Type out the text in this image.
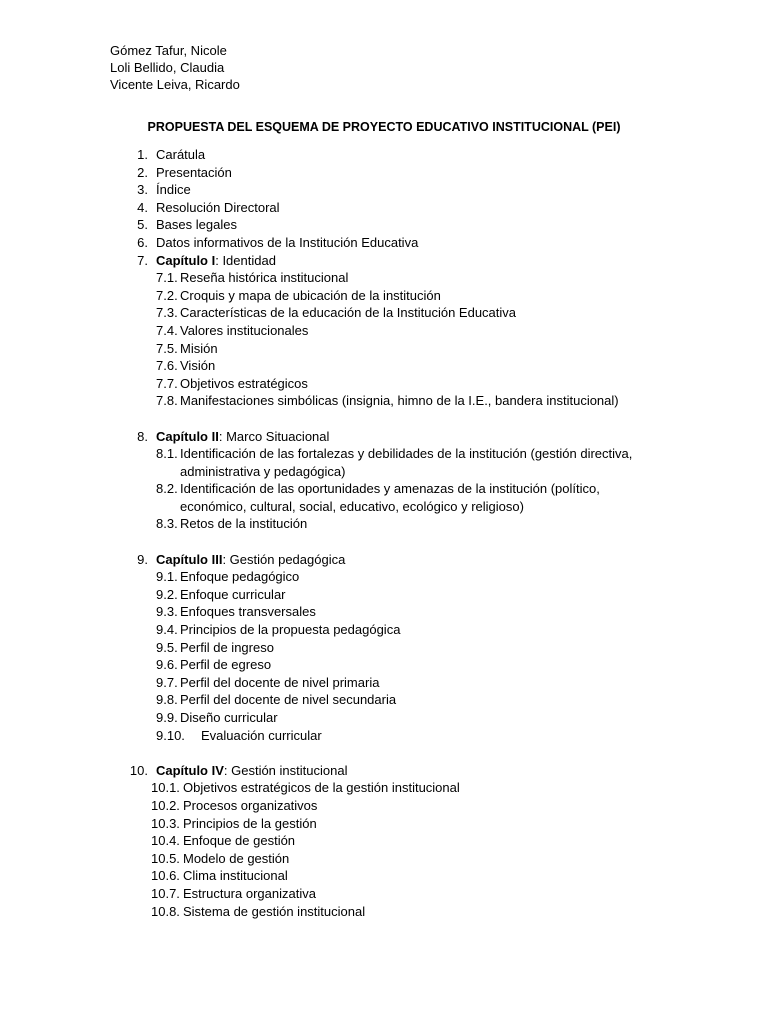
Gómez Tafur, Nicole
Loli Bellido, Claudia
Vicente Leiva, Ricardo
PROPUESTA DEL ESQUEMA DE PROYECTO EDUCATIVO INSTITUCIONAL (PEI)
1. Carátula
2. Presentación
3. Índice
4. Resolución Directoral
5. Bases legales
6. Datos informativos de la Institución Educativa
7. Capítulo I: Identidad
7.1. Reseña histórica institucional
7.2. Croquis y mapa de ubicación de la institución
7.3. Características de la educación de la Institución Educativa
7.4. Valores institucionales
7.5. Misión
7.6. Visión
7.7. Objetivos estratégicos
7.8. Manifestaciones simbólicas (insignia, himno de la I.E., bandera institucional)
8. Capítulo II: Marco Situacional
8.1. Identificación de las fortalezas y debilidades de la institución (gestión directiva,
administrativa y pedagógica)
8.2. Identificación de las oportunidades y amenazas de la institución (político,
económico, cultural, social, educativo, ecológico y religioso)
8.3. Retos de la institución
9. Capítulo III: Gestión pedagógica
9.1. Enfoque pedagógico
9.2. Enfoque curricular
9.3. Enfoques transversales
9.4. Principios de la propuesta pedagógica
9.5. Perfil de ingreso
9.6. Perfil de egreso
9.7. Perfil del docente de nivel primaria
9.8. Perfil del docente de nivel secundaria
9.9. Diseño curricular
9.10. Evaluación curricular
10. Capítulo IV: Gestión institucional
10.1. Objetivos estratégicos de la gestión institucional
10.2. Procesos organizativos
10.3. Principios de la gestión
10.4. Enfoque de gestión
10.5. Modelo de gestión
10.6. Clima institucional
10.7. Estructura organizativa
10.8. Sistema de gestión institucional
